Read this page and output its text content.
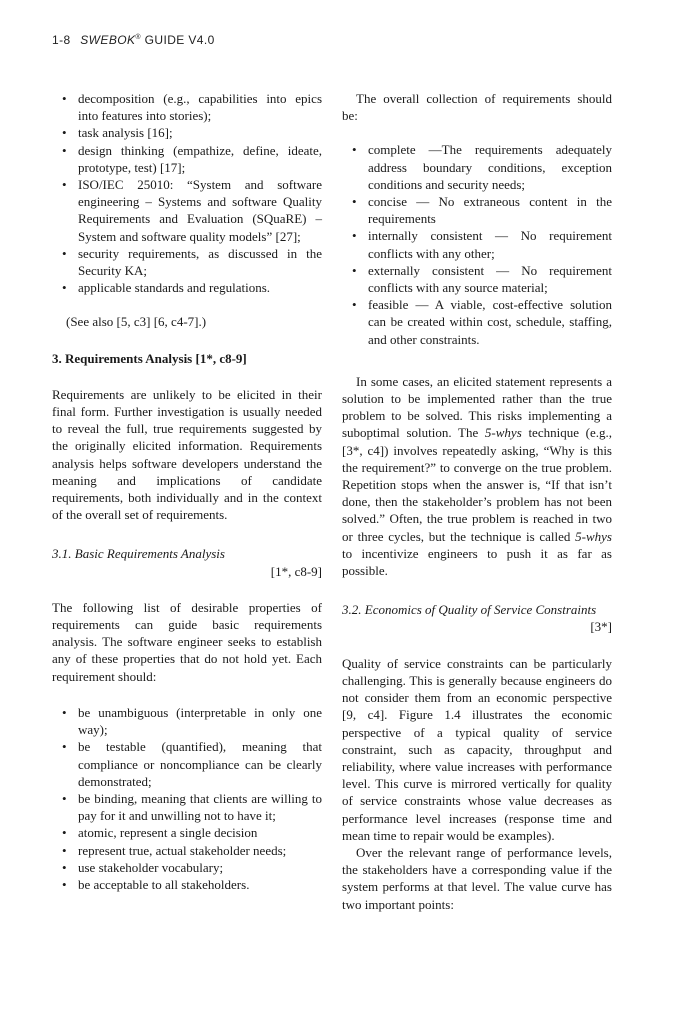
1-8 SWEBOK® GUIDE V4.0
• decomposition (e.g., capabilities into epics into features into stories);
• task analysis [16];
• design thinking (empathize, define, ideate, prototype, test) [17];
• ISO/IEC 25010: “System and software engineering – Systems and software Quality Requirements and Evaluation (SQuaRE) – System and software quality models” [27];
• security requirements, as discussed in the Security KA;
• applicable standards and regulations.

(See also [5, c3] [6, c4-7].)

3. Requirements Analysis [1*, c8-9]

Requirements are unlikely to be elicited in their final form. Further investigation is usually needed to reveal the full, true requirements suggested by the originally elicited information. Requirements analysis helps software developers understand the meaning and implications of candidate requirements, both individually and in the context of the overall set of requirements.

3.1. Basic Requirements Analysis
[1*, c8-9]

The following list of desirable properties of requirements can guide basic requirements analysis. The software engineer seeks to establish any of these properties that do not hold yet. Each requirement should:

• be unambiguous (interpretable in only one way);
• be testable (quantified), meaning that compliance or noncompliance can be clearly demonstrated;
• be binding, meaning that clients are willing to pay for it and unwilling not to have it;
• atomic, represent a single decision
• represent true, actual stakeholder needs;
• use stakeholder vocabulary;
• be acceptable to all stakeholders.

The overall collection of requirements should be:

• complete —The requirements adequately address boundary conditions, exception conditions and security needs;
• concise — No extraneous content in the requirements
• internally consistent — No requirement conflicts with any other;
• externally consistent — No requirement conflicts with any source material;
• feasible — A viable, cost-effective solution can be created within cost, schedule, staffing, and other constraints.

In some cases, an elicited statement represents a solution to be implemented rather than the true problem to be solved. This risks implementing a suboptimal solution. The 5-whys technique (e.g., [3*, c4]) involves repeatedly asking, “Why is this the requirement?” to converge on the true problem. Repetition stops when the answer is, “If that isn’t done, then the stakeholder’s problem has not been solved.” Often, the true problem is reached in two or three cycles, but the technique is called 5-whys to incentivize engineers to push it as far as possible.

3.2. Economics of Quality of Service Constraints
[3*]

Quality of service constraints can be particularly challenging. This is generally because engineers do not consider them from an economic perspective [9, c4]. Figure 1.4 illustrates the economic perspective of a typical quality of service constraint, such as capacity, throughput and reliability, where value increases with performance level. This curve is mirrored vertically for quality of service constraints whose value decreases as performance level increases (response time and mean time to repair would be examples).

Over the relevant range of performance levels, the stakeholders have a corresponding value if the system performs at that level. The value curve has two important points:
